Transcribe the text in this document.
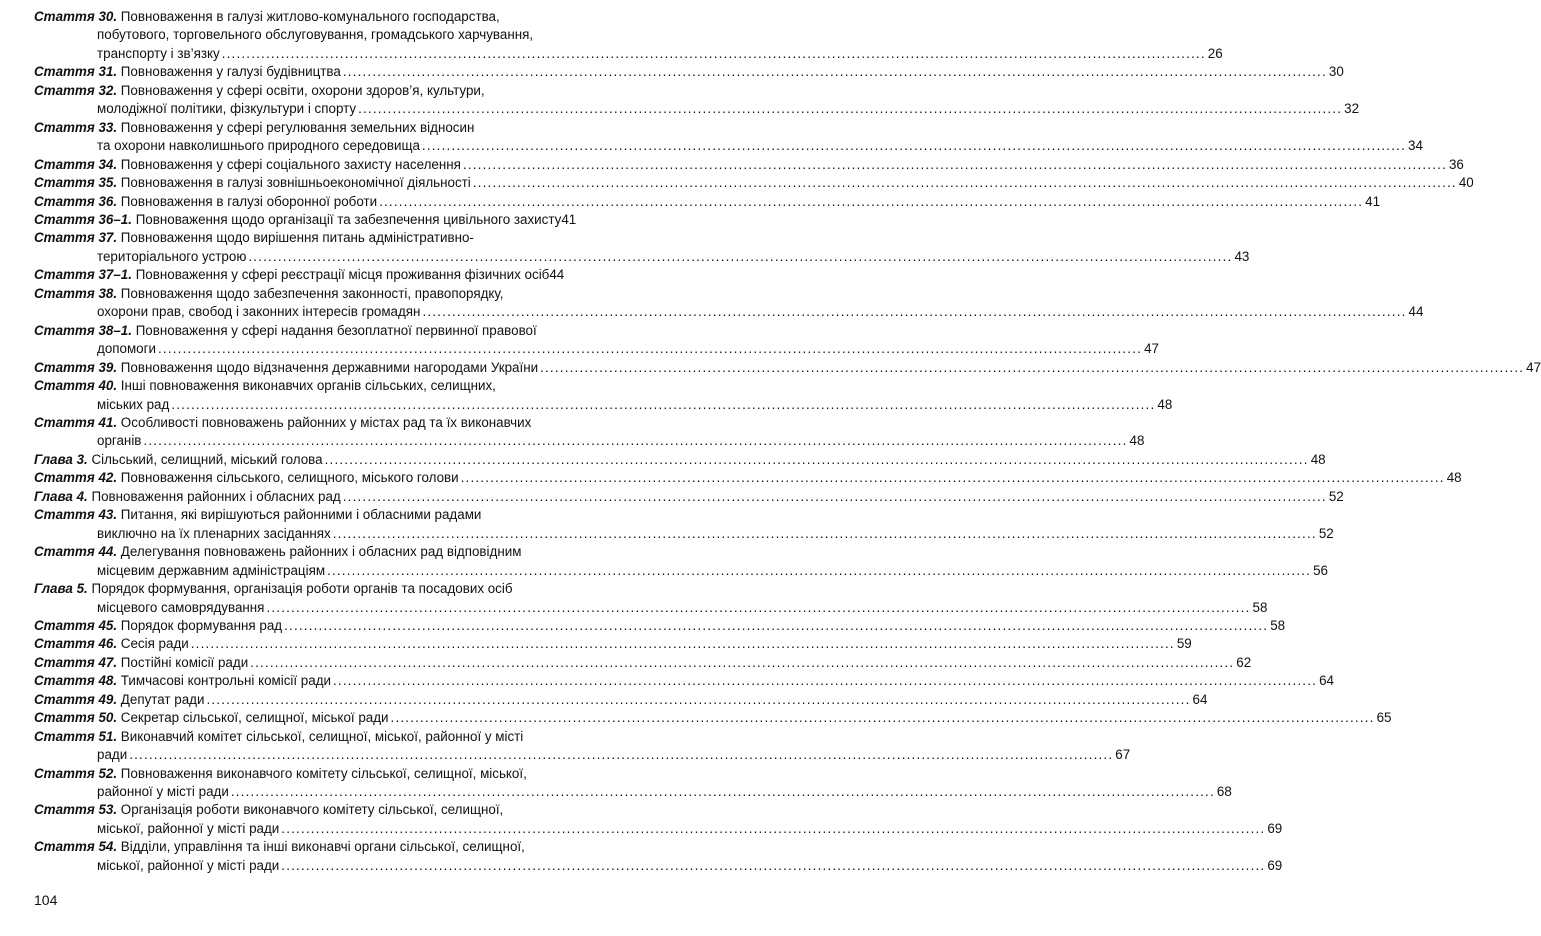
Стаття 30. Повноваження в галузі житлово-комунального господарства,
побутового, торговельного обслуговування, громадського харчування,
транспорту і зв’язку ........................................................................................................................................................................................................ 26
Стаття 31. Повноваження у галузі будівництва ........................................................................................................................................................................................................ 30
Стаття 32. Повноваження у сфері освіти, охорони здоров’я, культури,
молодіжної політики, фізкультури і спорту ........................................................................................................................................................................................................ 32
Стаття 33. Повноваження у сфері регулювання земельних відносин
та охорони навколишнього природного середовища ........................................................................................................................................................................................................ 34
Стаття 34. Повноваження у сфері соціального захисту населення ........................................................................................................................................................................................................ 36
Стаття 35. Повноваження в галузі зовнішньоекономічної діяльності ........................................................................................................................................................................................................ 40
Стаття 36. Повноваження в галузі оборонної роботи ........................................................................................................................................................................................................ 41
Стаття 36–1. Повноваження щодо організації та забезпечення цивільного захисту41
Стаття 37. Повноваження щодо вирішення питань адміністративно-
територіального устрою ........................................................................................................................................................................................................ 43
Стаття 37–1. Повноваження у сфері реєстрації місця проживання фізичних осіб44
Стаття 38. Повноваження щодо забезпечення законності, правопорядку,
охорони прав, свобод і законних інтересів громадян ........................................................................................................................................................................................................ 44
Стаття 38–1. Повноваження у сфері надання безоплатної первинної правової
допомоги ........................................................................................................................................................................................................ 47
Стаття 39. Повноваження щодо відзначення державними нагородами України ........................................................................................................................................................................................................ 47
Стаття 40. Інші повноваження виконавчих органів сільських, селищних,
міських рад ........................................................................................................................................................................................................ 48
Стаття 41. Особливості повноважень районних у містах рад та їх виконавчих
органів ........................................................................................................................................................................................................ 48
Глава 3. Сільський, селищний, міський голова ........................................................................................................................................................................................................ 48
Стаття 42. Повноваження сільського, селищного, міського голови ........................................................................................................................................................................................................ 48
Глава 4. Повноваження районних і обласних рад ........................................................................................................................................................................................................ 52
Стаття 43. Питання, які вирішуються районними і обласними радами
виключно на їх пленарних засіданнях ........................................................................................................................................................................................................ 52
Стаття 44. Делегування повноважень районних і обласних рад відповідним
місцевим державним адміністраціям ........................................................................................................................................................................................................ 56
Глава 5. Порядок формування, організація роботи органів та посадових осіб
місцевого самоврядування ........................................................................................................................................................................................................ 58
Стаття 45. Порядок формування рад ........................................................................................................................................................................................................ 58
Стаття 46. Сесія ради ........................................................................................................................................................................................................ 59
Стаття 47. Постійні комісії ради ........................................................................................................................................................................................................ 62
Стаття 48. Тимчасові контрольні комісії ради ........................................................................................................................................................................................................ 64
Стаття 49. Депутат ради ........................................................................................................................................................................................................ 64
Стаття 50. Секретар сільської, селищної, міської ради ........................................................................................................................................................................................................ 65
Стаття 51. Виконавчий комітет сільської, селищної, міської, районної у місті
ради ........................................................................................................................................................................................................ 67
Стаття 52. Повноваження виконавчого комітету сільської, селищної, міської,
районної у місті ради ........................................................................................................................................................................................................ 68
Стаття 53. Організація роботи виконавчого комітету сільської, селищної,
міської, районної у місті ради ........................................................................................................................................................................................................ 69
Стаття 54. Відділи, управління та інші виконавчі органи сільської, селищної,
міської, районної у місті ради ........................................................................................................................................................................................................ 69
104
